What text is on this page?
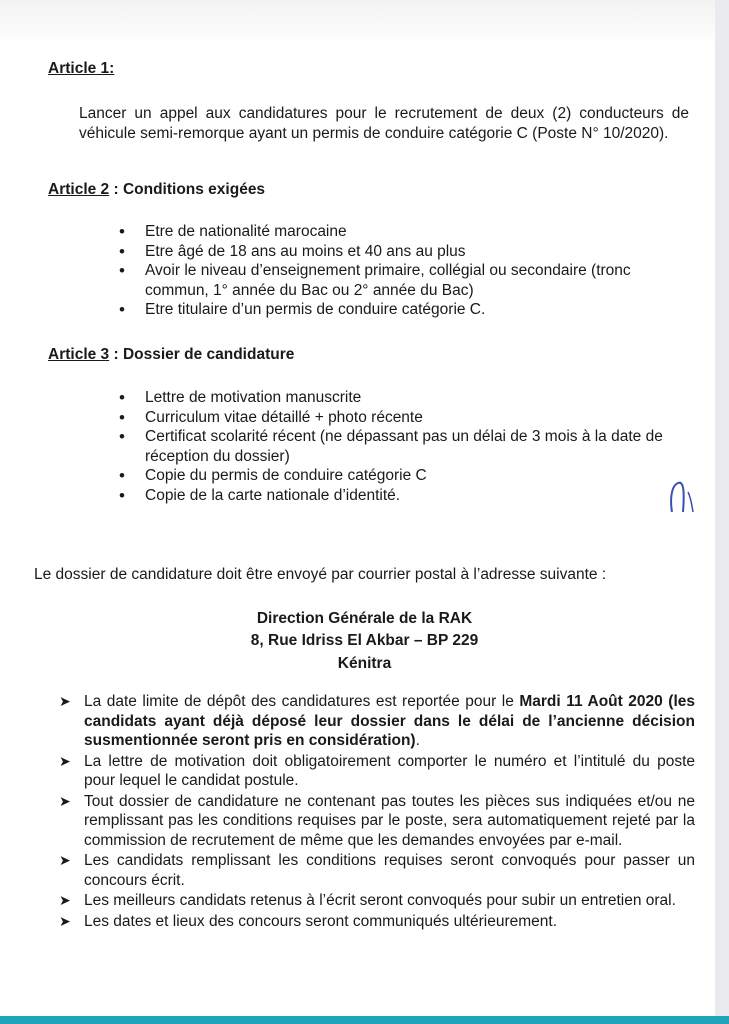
Article 1:
Lancer un appel aux candidatures pour le recrutement de deux (2) conducteurs de véhicule semi-remorque ayant un permis de conduire catégorie C (Poste N° 10/2020).
Article 2 : Conditions exigées
• Etre de nationalité marocaine
• Etre âgé de 18 ans au moins et 40 ans au plus
• Avoir le niveau d’enseignement primaire, collégial ou secondaire (tronc commun, 1° année du Bac ou 2° année du Bac)
• Etre titulaire d’un permis de conduire catégorie C.
Article 3 : Dossier de candidature
• Lettre de motivation manuscrite
• Curriculum vitae détaillé + photo récente
• Certificat scolarité récent (ne dépassant pas un délai de 3 mois à la date de réception du dossier)
• Copie du permis de conduire catégorie C
• Copie de la carte nationale d’identité.
Le dossier de candidature doit être envoyé par courrier postal à l’adresse suivante :
Direction Générale de la RAK
8, Rue Idriss El Akbar – BP 229
Kénitra
➤ La date limite de dépôt des candidatures est reportée pour le Mardi 11 Août 2020 (les candidats ayant déjà déposé leur dossier dans le délai de l’ancienne décision susmentionnée seront pris en considération).
➤ La lettre de motivation doit obligatoirement comporter le numéro et l’intitulé du poste pour lequel le candidat postule.
➤ Tout dossier de candidature ne contenant pas toutes les pièces sus indiquées et/ou ne remplissant pas les conditions requises par le poste, sera automatiquement rejeté par la commission de recrutement de même que les demandes envoyées par e-mail.
➤ Les candidats remplissant les conditions requises seront convoqués pour passer un concours écrit.
➤ Les meilleurs candidats retenus à l’écrit seront convoqués pour subir un entretien oral.
➤ Les dates et lieux des concours seront communiqués ultérieurement.
